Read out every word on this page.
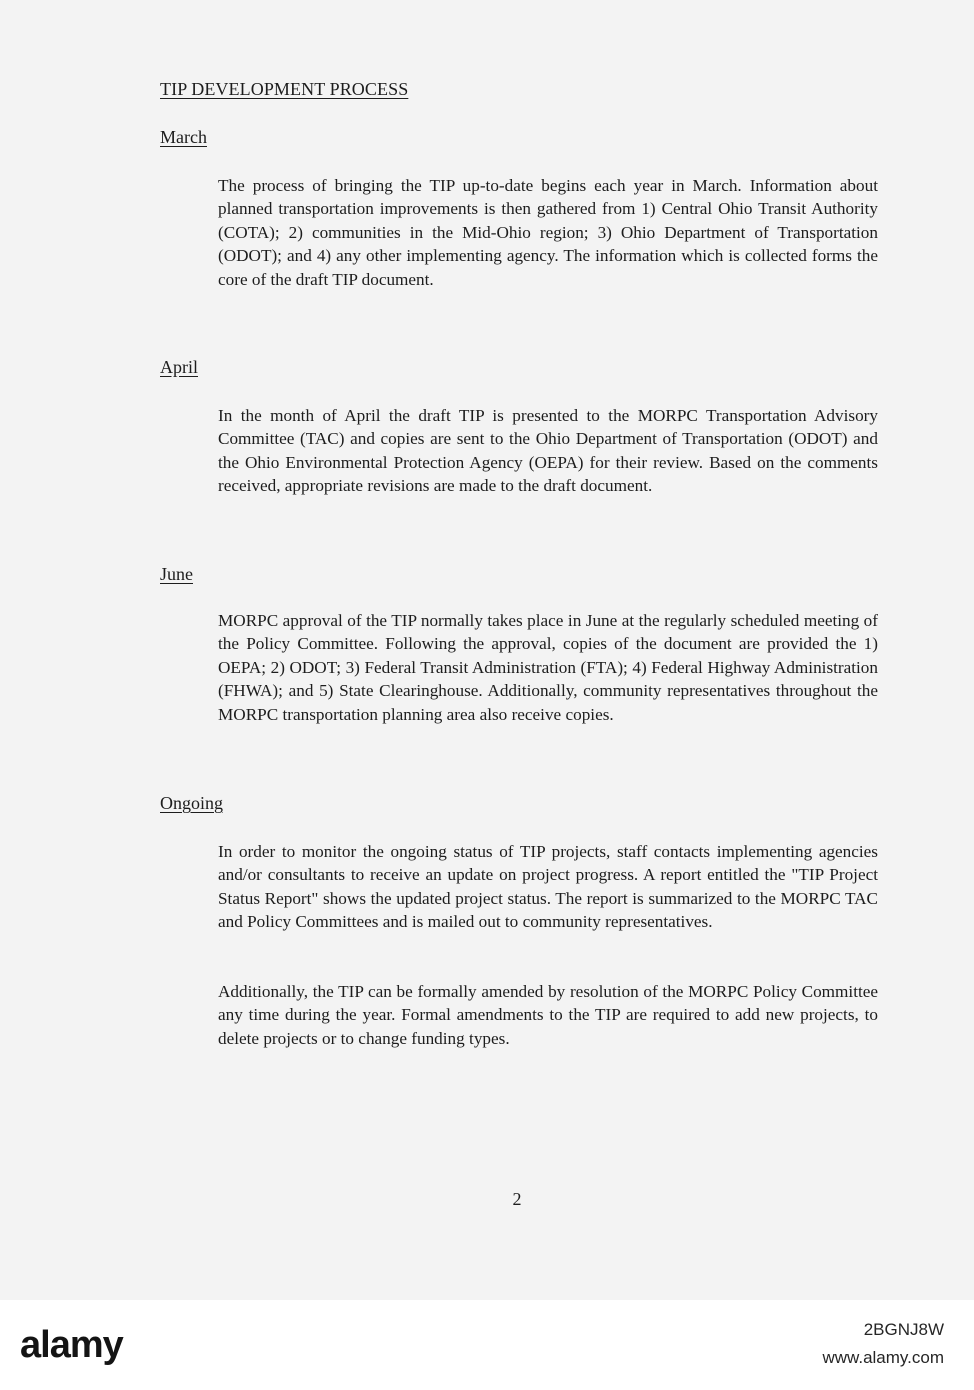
TIP DEVELOPMENT PROCESS
March

The process of bringing the TIP up-to-date begins each year in March. Information about planned transportation improvements is then gathered from 1) Central Ohio Transit Authority (COTA); 2) communities in the Mid-Ohio region; 3) Ohio Department of Transportation (ODOT); and 4) any other implementing agency. The information which is collected forms the core of the draft TIP document.

April

In the month of April the draft TIP is presented to the MORPC Transportation Advisory Committee (TAC) and copies are sent to the Ohio Department of Transportation (ODOT) and the Ohio Environmental Protection Agency (OEPA) for their review. Based on the comments received, appropriate revisions are made to the draft document.

June

MORPC approval of the TIP normally takes place in June at the regularly scheduled meeting of the Policy Committee. Following the approval, copies of the document are provided the 1) OEPA; 2) ODOT; 3) Federal Transit Administration (FTA); 4) Federal Highway Administration (FHWA); and 5) State Clearinghouse. Additionally, community representatives throughout the MORPC transportation planning area also receive copies.

Ongoing

In order to monitor the ongoing status of TIP projects, staff contacts implementing agencies and/or consultants to receive an update on project progress. A report entitled the "TIP Project Status Report" shows the updated project status. The report is summarized to the MORPC TAC and Policy Committees and is mailed out to community representatives.

Additionally, the TIP can be formally amended by resolution of the MORPC Policy Committee any time during the year. Formal amendments to the TIP are required to add new projects, to delete projects or to change funding types.

2

alamy	2BGNJ8W

www.alamy.com
